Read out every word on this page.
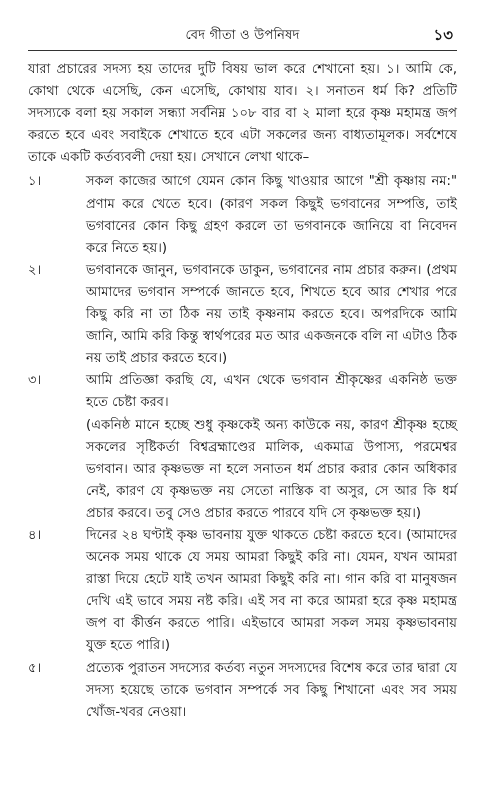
বেদ গীতা ও উপনিষদ	১৩

যারা প্রচারের সদস্য হয় তাদের দুটি বিষয় ভাল করে শেখানো হয়। ১। আমি কে, কোথা থেকে এসেছি, কেন এসেছি, কোথায় যাব। ২। সনাতন ধর্ম কি? প্রতিটি সদস্যকে বলা হয় সকাল সন্ধ্যা সর্বনিম্ন ১০৮ বার বা ২ মালা হরে কৃষ্ণ মহামন্ত্র জপ করতে হবে এবং সবাইকে শেখাতে হবে এটা সকলের জন্য বাধ্যতামূলক। সর্বশেষে তাকে একটি কর্তব্যবলী দেয়া হয়। সেখানে লেখা থাকে–

১।	সকল কাজের আগে যেমন কোন কিছু খাওয়ার আগে "শ্রী কৃষ্ণায় নম:" প্রণাম করে খেতে হবে। (কারণ সকল কিছুই ভগবানের সম্পত্তি, তাই ভগবানের কোন কিছু গ্রহণ করলে তা ভগবানকে জানিয়ে বা নিবেদন করে নিতে হয়।)

২।	ভগবানকে জানুন, ভগবানকে ডাকুন, ভগবানের নাম প্রচার করুন। (প্রথম আমাদের ভগবান সম্পর্কে জানতে হবে, শিখতে হবে আর শেখার পরে কিছু করি না তা ঠিক নয় তাই কৃষ্ণনাম করতে হবে। অপরদিকে আমি জানি, আমি করি কিন্তু স্বার্থপরের মত আর একজনকে বলি না এটাও ঠিক নয় তাই প্রচার করতে হবে।)

৩।	আমি প্রতিজ্ঞা করছি যে, এখন থেকে ভগবান শ্রীকৃষ্ণের একনিষ্ঠ ভক্ত হতে চেষ্টা করব।

(একনিষ্ঠ মানে হচ্ছে শুধু কৃষ্ণকেই অন্য কাউকে নয়, কারণ শ্রীকৃষ্ণ হচ্ছে সকলের সৃষ্টিকর্তা বিশ্বব্রহ্মাণ্ডের মালিক, একমাত্র উপাস্য, পরমেশ্বর ভগবান। আর কৃষ্ণভক্ত না হলে সনাতন ধর্ম প্রচার করার কোন অধিকার নেই, কারণ যে কৃষ্ণভক্ত নয় সেতো নাস্তিক বা অসুর, সে আর কি ধর্ম প্রচার করবে। তবু সেও প্রচার করতে পারবে যদি সে কৃষ্ণভক্ত হয়।)

৪।	দিনের ২৪ ঘণ্টাই কৃষ্ণ ভাবনায় যুক্ত থাকতে চেষ্টা করতে হবে। (আমাদের অনেক সময় থাকে যে সময় আমরা কিছুই করি না। যেমন, যখন আমরা রাস্তা দিয়ে হেটে যাই তখন আমরা কিছুই করি না। গান করি বা মানুষজন দেখি এই ভাবে সময় নষ্ট করি। এই সব না করে আমরা হরে কৃষ্ণ মহামন্ত্র জপ বা কীর্ত্তন করতে পারি। এইভাবে আমরা সকল সময় কৃষ্ণভাবনায় যুক্ত হতে পারি।)

৫।	প্রত্যেক পুরাতন সদস্যের কর্তব্য নতুন সদস্যদের বিশেষ করে তার দ্বারা যে সদস্য হয়েছে তাকে ভগবান সম্পর্কে সব কিছু শিখানো এবং সব সময় খোঁজ-খবর নেওয়া।
